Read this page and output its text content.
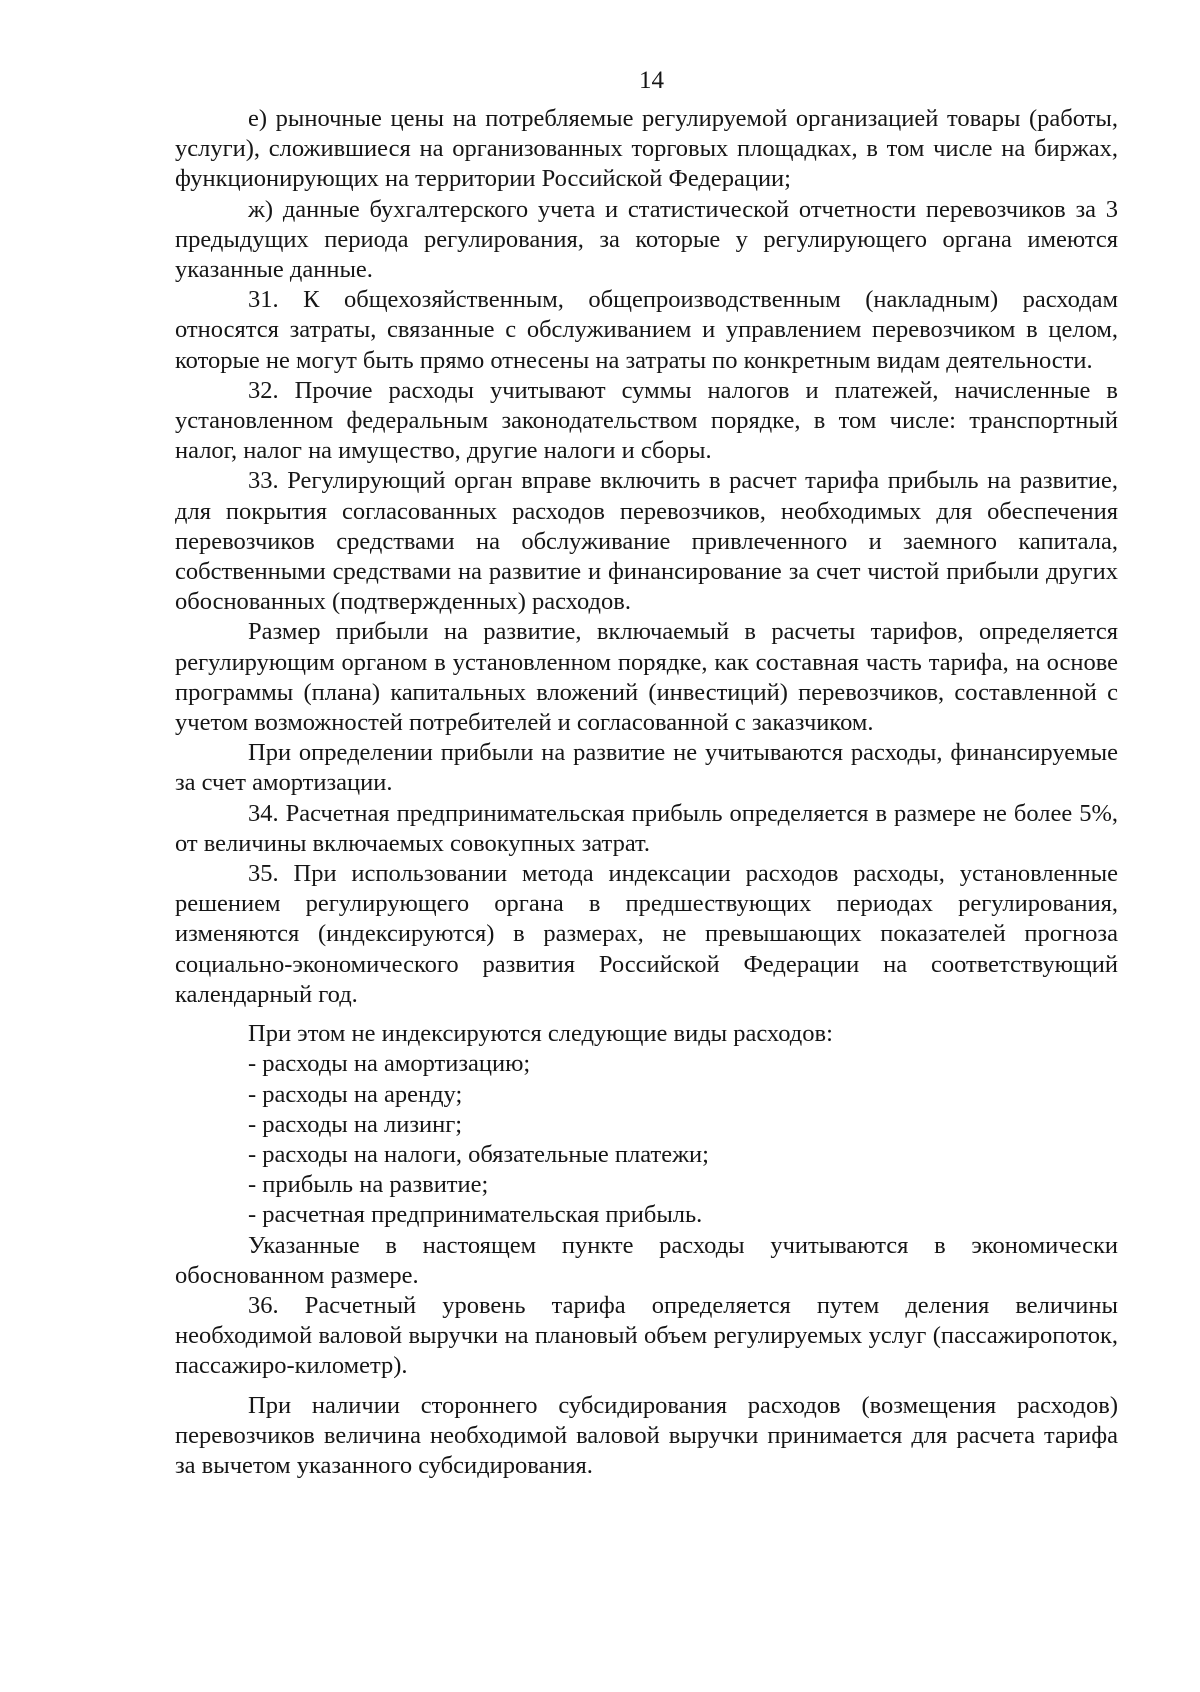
14

е) рыночные цены на потребляемые регулируемой организацией товары (работы, услуги), сложившиеся на организованных торговых площадках, в том числе на биржах, функционирующих на территории Российской Федерации;

ж) данные бухгалтерского учета и статистической отчетности перевозчиков за 3 предыдущих периода регулирования, за которые у регулирующего органа имеются указанные данные.

31. К общехозяйственным, общепроизводственным (накладным) расходам относятся затраты, связанные с обслуживанием и управлением перевозчиком в целом, которые не могут быть прямо отнесены на затраты по конкретным видам деятельности.

32. Прочие расходы учитывают суммы налогов и платежей, начисленные в установленном федеральным законодательством порядке, в том числе: транспортный налог, налог на имущество, другие налоги и сборы.

33. Регулирующий орган вправе включить в расчет тарифа прибыль на развитие, для покрытия согласованных расходов перевозчиков, необходимых для обеспечения перевозчиков средствами на обслуживание привлеченного и заемного капитала, собственными средствами на развитие и финансирование за счет чистой прибыли других обоснованных (подтвержденных) расходов.

Размер прибыли на развитие, включаемый в расчеты тарифов, определяется регулирующим органом в установленном порядке, как составная часть тарифа, на основе программы (плана) капитальных вложений (инвестиций) перевозчиков, составленной с учетом возможностей потребителей и согласованной с заказчиком.

При определении прибыли на развитие не учитываются расходы, финансируемые за счет амортизации.

34. Расчетная предпринимательская прибыль определяется в размере не более 5%, от величины включаемых совокупных затрат.

35. При использовании метода индексации расходов расходы, установленные решением регулирующего органа в предшествующих периодах регулирования, изменяются (индексируются) в размерах, не превышающих показателей прогноза социально-экономического развития Российской Федерации на соответствующий календарный год.

При этом не индексируются следующие виды расходов:

- расходы на амортизацию;

- расходы на аренду;

- расходы на лизинг;

- расходы на налоги, обязательные платежи;

- прибыль на развитие;

- расчетная предпринимательская прибыль.

Указанные в настоящем пункте расходы учитываются в экономически обоснованном размере.

36. Расчетный уровень тарифа определяется путем деления величины необходимой валовой выручки на плановый объем регулируемых услуг (пассажиропоток, пассажиро-километр).

При наличии стороннего субсидирования расходов (возмещения расходов) перевозчиков величина необходимой валовой выручки принимается для расчета тарифа за вычетом указанного субсидирования.
